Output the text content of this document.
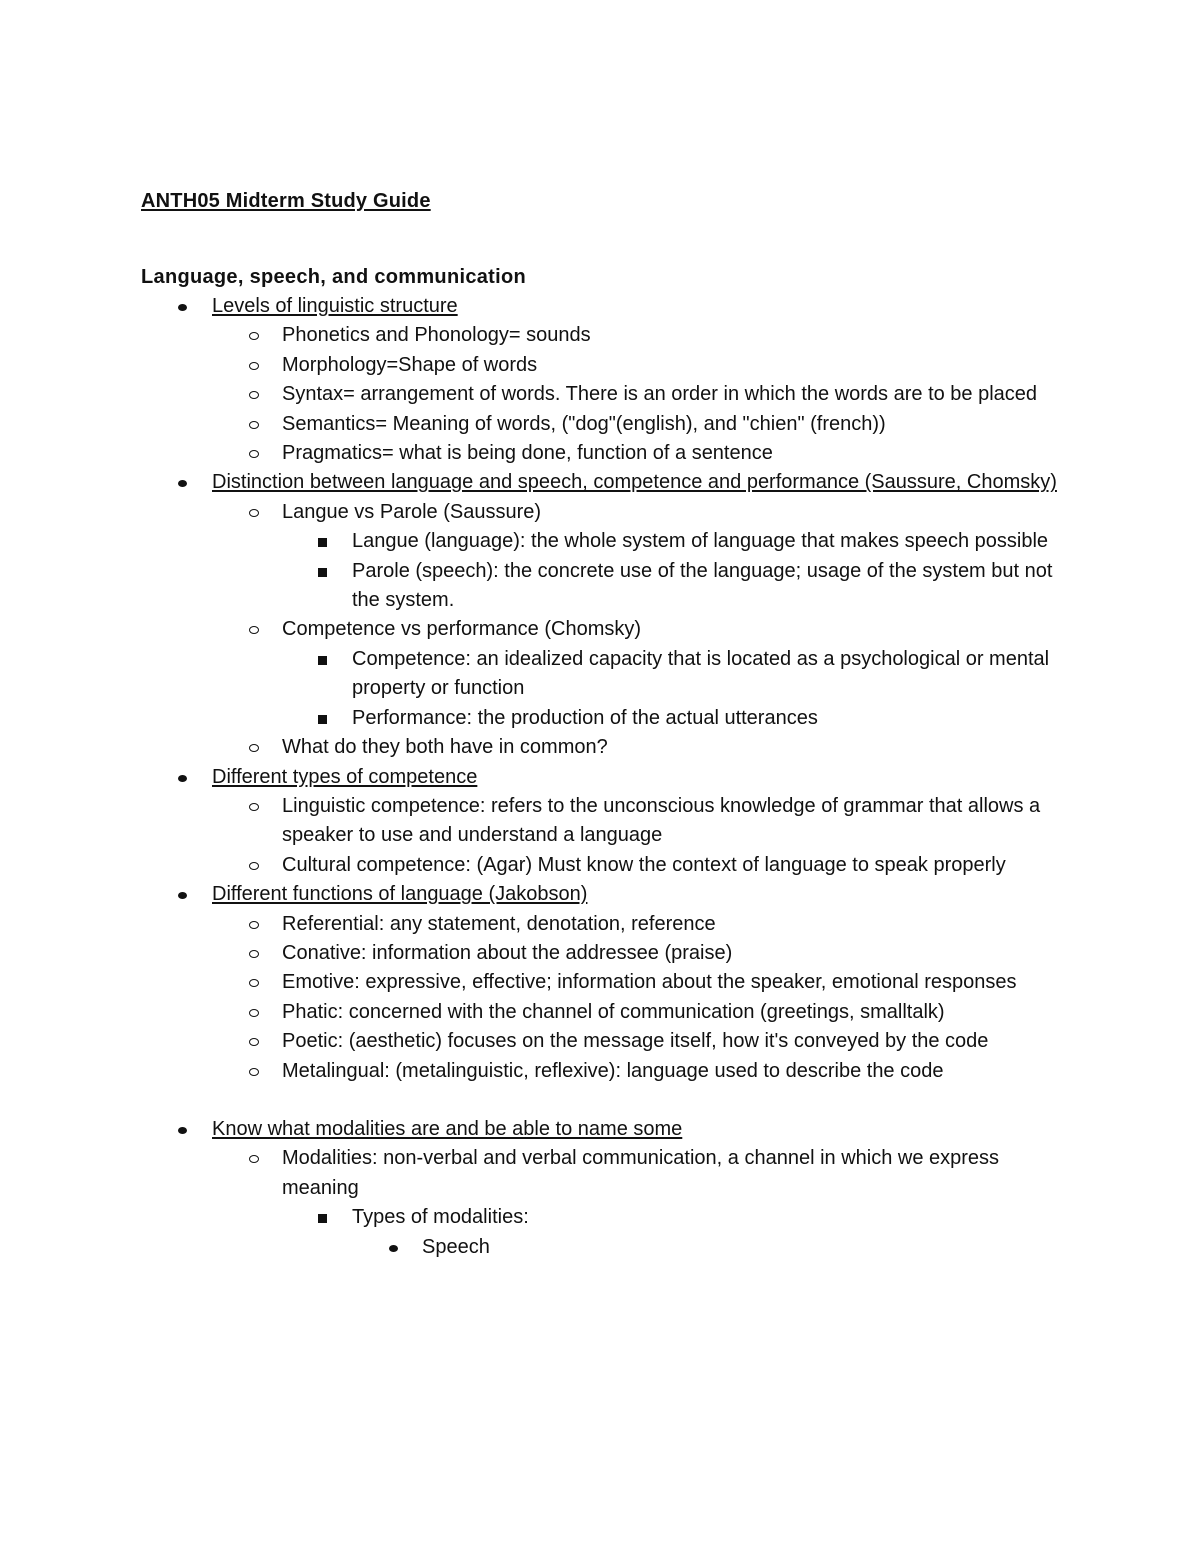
ANTH05 Midterm Study Guide
Language, speech, and communication
Levels of linguistic structure
Phonetics and Phonology= sounds
Morphology=Shape of words
Syntax= arrangement of words. There is an order in which the words are to be placed
Semantics= Meaning of words, ("dog"(english), and "chien" (french))
Pragmatics= what is being done, function of a sentence
Distinction between language and speech, competence and performance (Saussure, Chomsky)
Langue vs Parole (Saussure)
Langue (language): the whole system of language that makes speech possible
Parole (speech): the concrete use of the language; usage of the system but not the system.
Competence vs performance (Chomsky)
Competence: an idealized capacity that is located as a psychological or mental property or function
Performance: the production of the actual utterances
What do they both have in common?
Different types of competence
Linguistic competence: refers to the unconscious knowledge of grammar that allows a speaker to use and understand a language
Cultural competence: (Agar) Must know the context of language to speak properly
Different functions of language (Jakobson)
Referential: any statement, denotation, reference
Conative: information about the addressee (praise)
Emotive: expressive, effective; information about the speaker, emotional responses
Phatic: concerned with the channel of communication (greetings, smalltalk)
Poetic: (aesthetic) focuses on the message itself, how it's conveyed by the code
Metalingual: (metalinguistic, reflexive): language used to describe the code
Know what modalities are and be able to name some
Modalities: non-verbal and verbal communication, a channel in which we express meaning
Types of modalities:
Speech
